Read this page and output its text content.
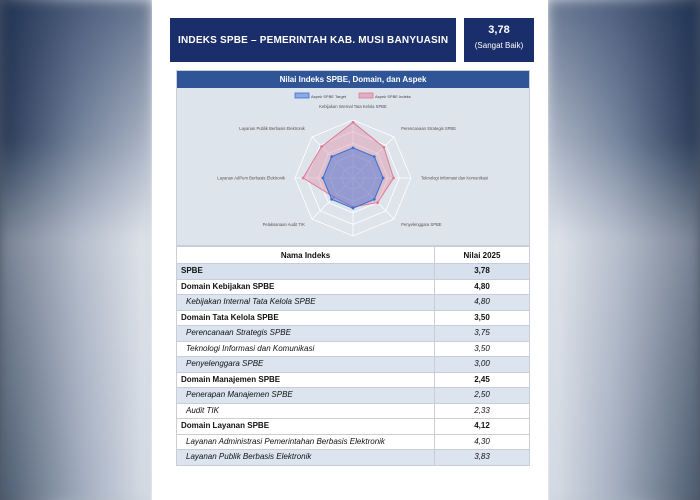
INDEKS SPBE – PEMERINTAH KAB. MUSI BANYUASIN
3,78
(Sangat Baik)
Nilai Indeks SPBE, Domain, dan Aspek
Aspek SPBE Target	Aspek SPBE Indeks
Kebijakan Internal Tata Kelola SPBE
Perencanaan Strategis SPBE
Teknologi Informasi dan Komunikasi
Penyelenggara SPBE
Pelaksanaan Audit TIK
Layanan AdPem Berbasis Elektronik
Layanan Publik Berbasis Elektronik
Nama Indeks	Nilai 2025
SPBE	3,78
Domain Kebijakan SPBE	4,80
Kebijakan Internal Tata Kelola SPBE	4,80
Domain Tata Kelola SPBE	3,50
Perencanaan Strategis SPBE	3,75
Teknologi Informasi dan Komunikasi	3,50
Penyelenggara SPBE	3,00
Domain Manajemen SPBE	2,45
Penerapan Manajemen SPBE	2,50
Audit TIK	2,33
Domain Layanan SPBE	4,12
Layanan Administrasi Pemerintahan Berbasis Elektronik	4,30
Layanan Publik Berbasis Elektronik	3,83
